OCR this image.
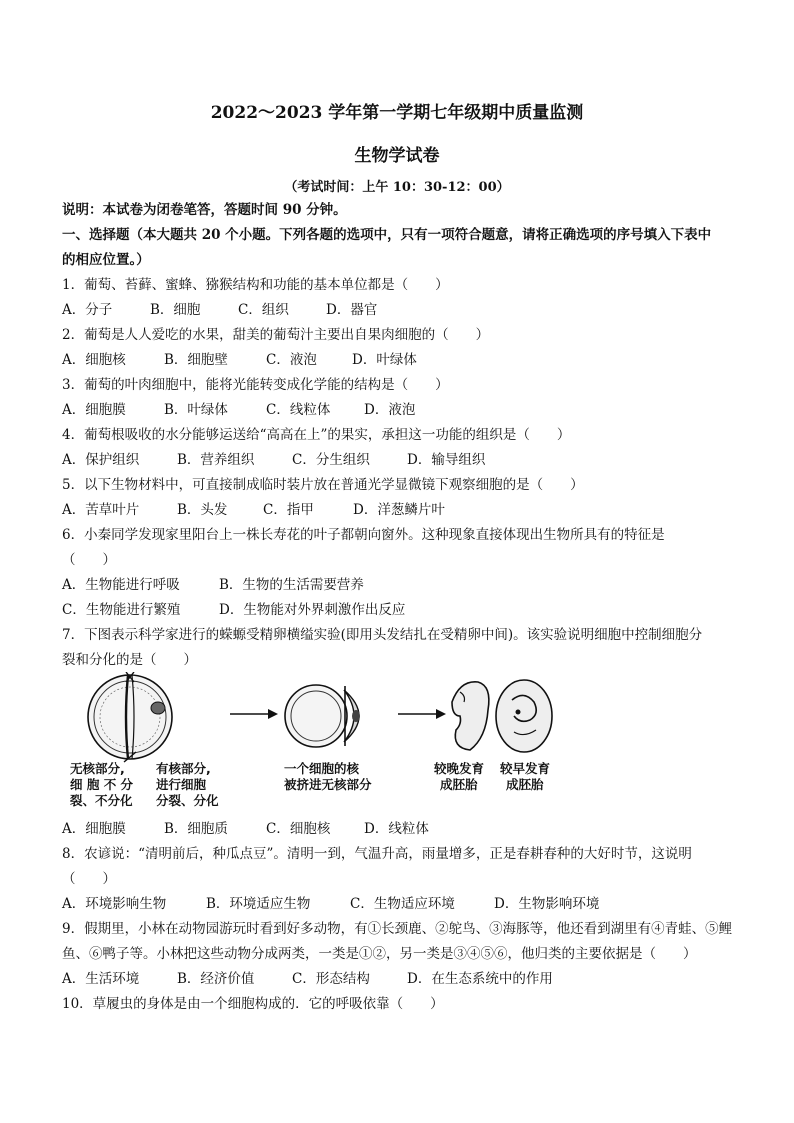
2022～2023 学年第一学期七年级期中质量监测
生物学试卷
（考试时间：上午 10：30-12：00）
说明：本试卷为闭卷笔答，答题时间 90 分钟。
一、选择题（本大题共 20 个小题。下列各题的选项中，只有一项符合题意，请将正确选项的序号填入下表中
的相应位置。）
1．葡萄、苔藓、蜜蜂、猕猴结构和功能的基本单位都是（　　）
A．分子	B．细胞	C．组织	D．器官
2．葡萄是人人爱吃的水果，甜美的葡萄汁主要出自果肉细胞的（　　）
A．细胞核	B．细胞壁	C．液泡	D．叶绿体
3．葡萄的叶肉细胞中，能将光能转变成化学能的结构是（　　）
A．细胞膜	B．叶绿体	C．线粒体 D．液泡
4．葡萄根吸收的水分能够运送给“高高在上”的果实，承担这一功能的组织是（　　）
A．保护组织	B．营养组织	C．分生组织	D．输导组织
5．以下生物材料中，可直接制成临时装片放在普通光学显微镜下观察细胞的是（　　）
A．苦草叶片	B．头发	C．指甲	D．洋葱鳞片叶
6．小秦同学发现家里阳台上一株长寿花的叶子都朝向窗外。这种现象直接体现出生物所具有的特征是
（　　）
A．生物能进行呼吸	B．生物的生活需要营养
C．生物能进行繁殖	D．生物能对外界刺激作出反应
7．下图表示科学家进行的蝾螈受精卵横缢实验(即用头发结扎在受精卵中间)。该实验说明细胞中控制细胞分
裂和分化的是（　　）
无核部分, 细 胞 不 分 裂、不分化
有核部分, 进行细胞 分裂、分化
一个细胞的核 被挤进无核部分
较晚发育 成胚胎
较早发育 成胚胎
A．细胞膜	B．细胞质	C．细胞核 D．线粒体
8．农谚说：“清明前后，种瓜点豆”。清明一到，气温升高，雨量增多，正是春耕春种的大好时节，这说明
（　　）
A．环境影响生物	B．环境适应生物	C．生物适应环境	D．生物影响环境
9．假期里，小林在动物园游玩时看到好多动物，有①长颈鹿、②鸵鸟、③海豚等，他还看到湖里有④青蛙、⑤鲤
鱼、⑥鸭子等。小林把这些动物分成两类，一类是①②，另一类是③④⑤⑥，他归类的主要依据是（　　）
A．生活环境	B．经济价值	C．形态结构	D．在生态系统中的作用
10．草履虫的身体是由一个细胞构成的．它的呼吸依靠（　　）
